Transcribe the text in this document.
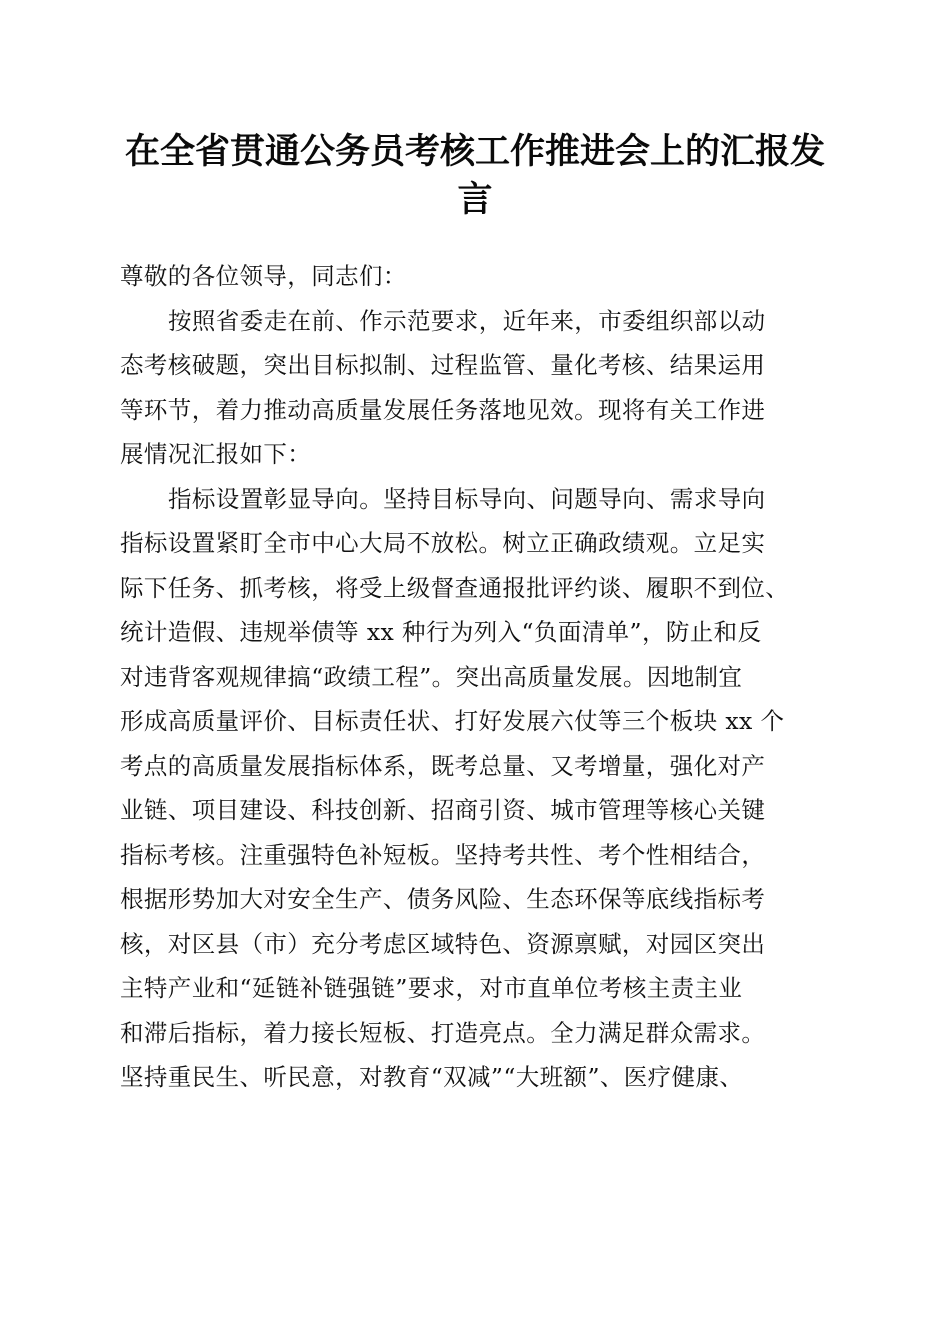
在全省贯通公务员考核工作推进会上的汇报发言
尊敬的各位领导，同志们：
按照省委走在前、作示范要求，近年来，市委组织部以动
态考核破题，突出目标拟制、过程监管、量化考核、结果运用
等环节，着力推动高质量发展任务落地见效。现将有关工作进
展情况汇报如下：
指标设置彰显导向。坚持目标导向、问题导向、需求导向
指标设置紧盯全市中心大局不放松。树立正确政绩观。立足实
际下任务、抓考核，将受上级督查通报批评约谈、履职不到位、
统计造假、违规举债等 xx 种行为列入“负面清单”，防止和反
对违背客观规律搞“政绩工程”。突出高质量发展。因地制宜
形成高质量评价、目标责任状、打好发展六仗等三个板块 xx 个
考点的高质量发展指标体系，既考总量、又考增量，强化对产
业链、项目建设、科技创新、招商引资、城市管理等核心关键
指标考核。注重强特色补短板。坚持考共性、考个性相结合，
根据形势加大对安全生产、债务风险、生态环保等底线指标考
核，对区县（市）充分考虑区域特色、资源禀赋，对园区突出
主特产业和“延链补链强链”要求，对市直单位考核主责主业
和滞后指标，着力接长短板、打造亮点。全力满足群众需求。
坚持重民生、听民意，对教育“双减”“大班额”、医疗健康、
